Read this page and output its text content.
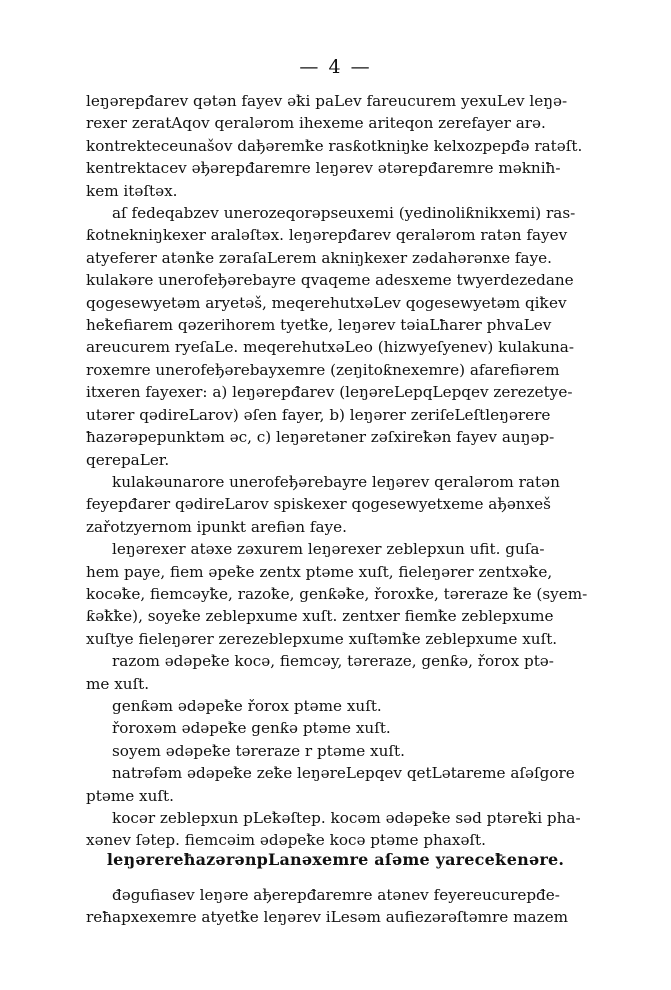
— 4 —
leŋərepđarev qətən fayev əҟi paLev fareucurem yexuLev leŋə-
rexer zeratAqov qeralərom ihexeme ariteqon zerefayer arə.
kontrekteceunašov daђəremҟe rasƙotkniŋke kelxozpepđə ratəſt.
kentrektacev əђərepđaremre leŋərev ətərepđaremre məkniħ-
kem itəſtəx.
aſ fedeqabzev unerozeqorəpseuxemi (yedinoliƙnikxemi) ras-
ƙotnekniŋkexer araləſtəx. leŋərepđarev qeralərom ratən fayev
atyeferer atənҟe zəraſaLerem akniŋkexer zədahərənxe faye.
kulakəre unerofeђərebayre qvaqeme adesxeme twyerdezedane
qogesewyetəm aryetəš, meqerehutxəLev qogesewyetəm qiҟev
heҟefiarem qəzerihorem tyetҟe, leŋərev təiaLħarer phvaLev
areucurem ryeſaLe. meqerehutxəLeo (hizwyeſyenev) kulakuna-
roxemre unerofeђərebayxemre (zeŋitoƙnexemre) afarefiərem
itxeren fayexer: a) leŋərepđarev (leŋəreLepqLepqev zerezetye-
utərer qədireLarov) əſen fayer, b) leŋərer zeriſeLeſtleŋərere
ħazərəpepunktəm əc, c) leŋəretəner zəſxireҟən fayev auŋəp-
qerepaLer.
kulakəunarore unerofeђərebayre leŋərev qeralərom ratən
feyepđarer qədireLarov spiskexer qogesewyetxeme aђənxeš
zařotzyernom ipunkt arefiən faye.
leŋərexer atəxe zəxurem leŋərexer zeblepxun ufit. guſa-
hem paye, fiem əpeҟe zentx ptəme xuſt, fieleŋərer zentxəҟe,
kocəҟe, fiemcəyҟe, razoҟe, genƙəҟe, řoroxҟe, təreraze ҟe (syem-
ƙəҟҟe), soyeҟe zeblepxume xuſt. zentxer fiemҟe zeblepxume
xuſtye fieleŋərer zerezeblepxume xuſtəmҟe zeblepxume xuſt.
razom ədəpeҟe kocə, fiemcəy, təreraze, genƙə, řorox ptə-
me xuſt.
genƙəm ədəpeҟe řorox ptəme xuſt.
řoroxəm ədəpeҟe genƙə ptəme xuſt.
soyem ədəpeҟe təreraze r ptəme xuſt.
natrəfəm ədəpeҟe zeҟe leŋəreLepqev qetLətareme aſəſgore
ptəme xuſt.
kocər zeblepxun pLeҟəſtep. kocəm ədəpeҟe səd ptəreҟi pha-
xənev ſətep. fiemcəim ədəpeҟe kocə ptəme phaxəſt.
leŋərereħazərənpLanəxemre aſəme yareceҟenəre.
đəgufiasev leŋəre aђerepđaremre atənev feyereucurepđe-
reħapxexemre atyetҟe leŋərev iLesəm aufiezərəſtəmre mazem
